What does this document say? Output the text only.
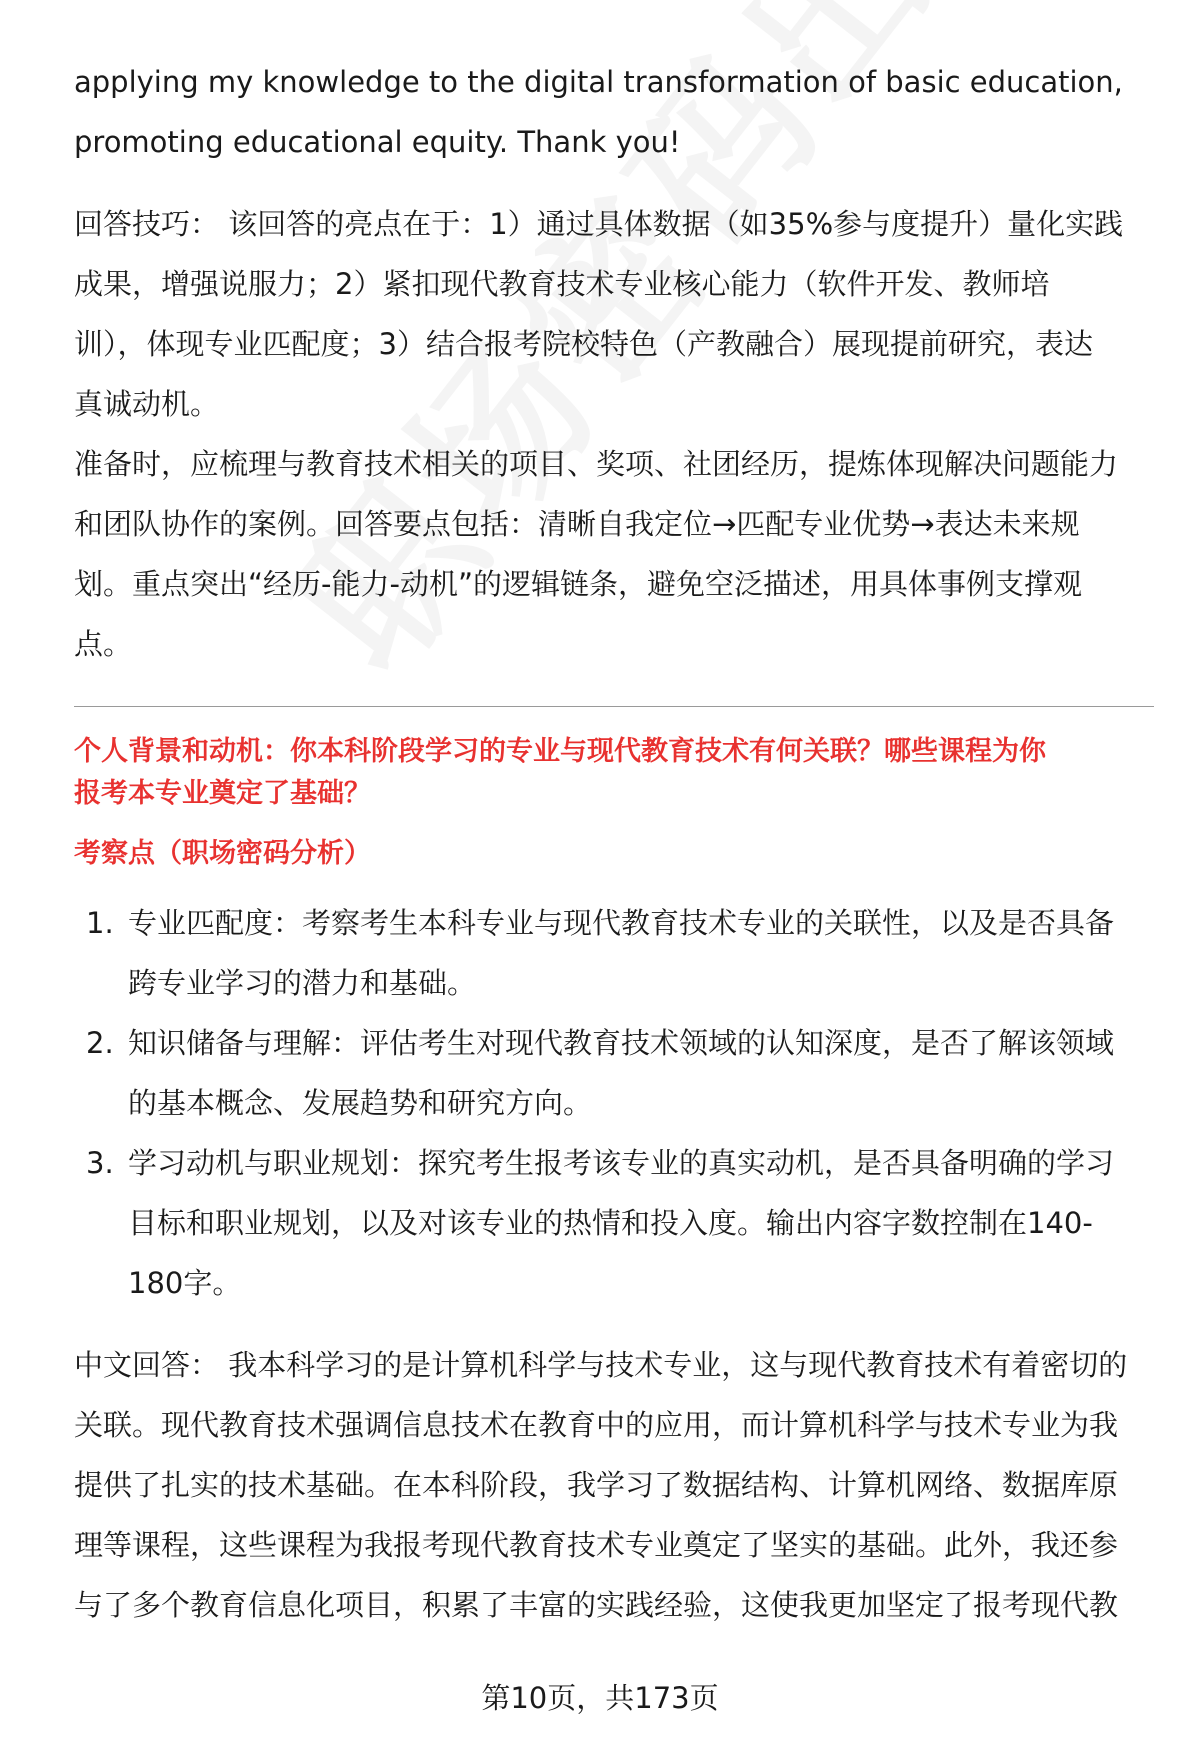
applying my knowledge to the digital transformation of basic education,

promoting educational equity. Thank you!

回答技巧： 该回答的亮点在于：1）通过具体数据（如35%参与度提升）量化实践

成果，增强说服力；2）紧扣现代教育技术专业核心能力（软件开发、教师培

训），体现专业匹配度；3）结合报考院校特色（产教融合）展现提前研究，表达

真诚动机。

准备时，应梳理与教育技术相关的项目、奖项、社团经历，提炼体现解决问题能力

和团队协作的案例。回答要点包括：清晰自我定位→匹配专业优势→表达未来规

划。重点突出“经历-能力-动机”的逻辑链条，避免空泛描述，用具体事例支撑观

点。

个人背景和动机：你本科阶段学习的专业与现代教育技术有何关联？哪些课程为你

报考本专业奠定了基础？

考察点（职场密码分析）

1. 专业匹配度：考察考生本科专业与现代教育技术专业的关联性，以及是否具备
跨专业学习的潜力和基础。
2. 知识储备与理解：评估考生对现代教育技术领域的认知深度，是否了解该领域
的基本概念、发展趋势和研究方向。
3. 学习动机与职业规划：探究考生报考该专业的真实动机，是否具备明确的学习
目标和职业规划，以及对该专业的热情和投入度。输出内容字数控制在140-
180字。

中文回答： 我本科学习的是计算机科学与技术专业，这与现代教育技术有着密切的

关联。现代教育技术强调信息技术在教育中的应用，而计算机科学与技术专业为我

提供了扎实的技术基础。在本科阶段，我学习了数据结构、计算机网络、数据库原

理等课程，这些课程为我报考现代教育技术专业奠定了坚实的基础。此外，我还参

与了多个教育信息化项目，积累了丰富的实践经验，这使我更加坚定了报考现代教

第10页，共173页
